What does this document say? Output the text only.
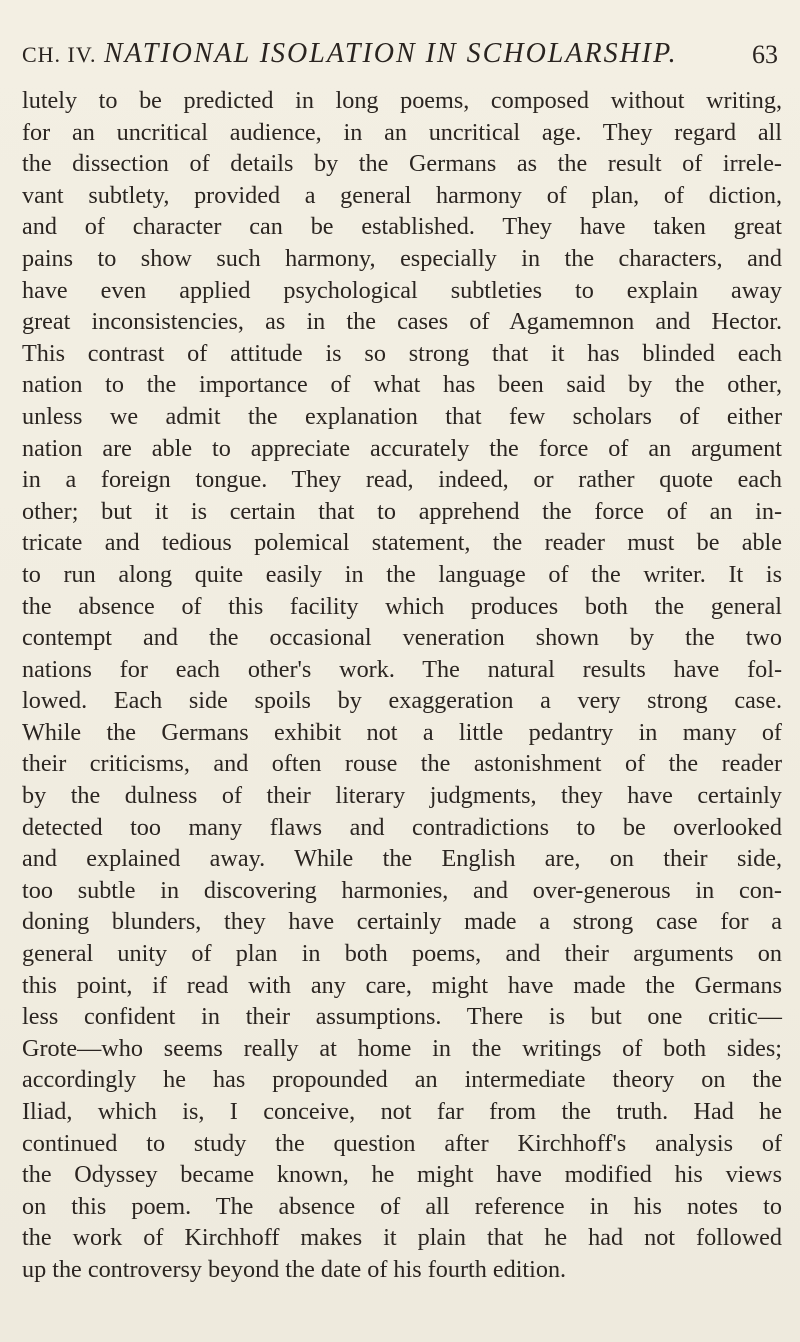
CH. IV. NATIONAL ISOLATION IN SCHOLARSHIP.	63
lutely to be predicted in long poems, composed without writing,
for an uncritical audience, in an uncritical age. They regard all
the dissection of details by the Germans as the result of irrele-
vant subtlety, provided a general harmony of plan, of diction,
and of character can be established. They have taken great
pains to show such harmony, especially in the characters, and
have even applied psychological subtleties to explain away
great inconsistencies, as in the cases of Agamemnon and Hector.
This contrast of attitude is so strong that it has blinded each
nation to the importance of what has been said by the other,
unless we admit the explanation that few scholars of either
nation are able to appreciate accurately the force of an argument
in a foreign tongue. They read, indeed, or rather quote each
other; but it is certain that to apprehend the force of an in-
tricate and tedious polemical statement, the reader must be able
to run along quite easily in the language of the writer. It is
the absence of this facility which produces both the general
contempt and the occasional veneration shown by the two
nations for each other's work. The natural results have fol-
lowed. Each side spoils by exaggeration a very strong case.
While the Germans exhibit not a little pedantry in many of
their criticisms, and often rouse the astonishment of the reader
by the dulness of their literary judgments, they have certainly
detected too many flaws and contradictions to be overlooked
and explained away. While the English are, on their side,
too subtle in discovering harmonies, and over-generous in con-
doning blunders, they have certainly made a strong case for a
general unity of plan in both poems, and their arguments on
this point, if read with any care, might have made the Germans
less confident in their assumptions. There is but one critic—
Grote—who seems really at home in the writings of both sides;
accordingly he has propounded an intermediate theory on the
Iliad, which is, I conceive, not far from the truth. Had he
continued to study the question after Kirchhoff's analysis of
the Odyssey became known, he might have modified his views
on this poem. The absence of all reference in his notes to
the work of Kirchhoff makes it plain that he had not followed
up the controversy beyond the date of his fourth edition.
